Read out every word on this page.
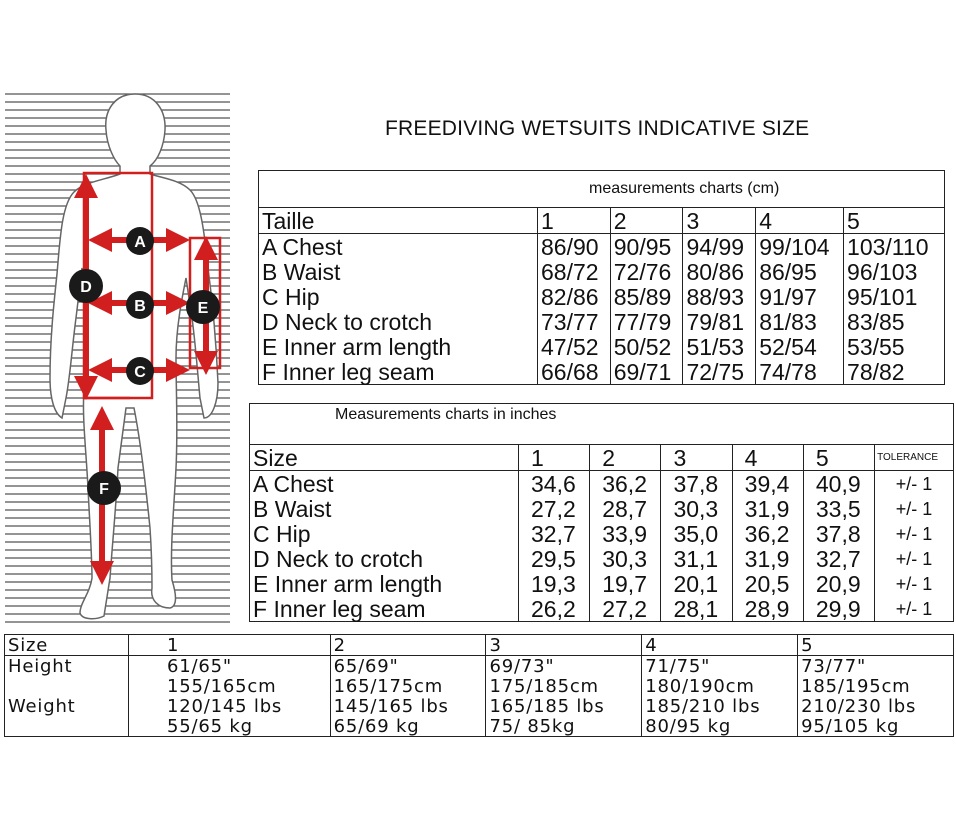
A
B
C
D
E
F
FREEDIVING WETSUITS INDICATIVE SIZE
measurements charts (cm)					
Taille	1	2	3	4	5
A Chest	86/90	90/95	94/99	99/104	103/110
B Waist	68/72	72/76	80/86	86/95	96/103
C Hip	82/86	85/89	88/93	91/97	95/101
D Neck to crotch	73/77	77/79	79/81	81/83	83/85
E Inner arm length	47/52	50/52	51/53	52/54	53/55
F Inner leg seam	66/68	69/71	72/75	74/78	78/82
Measurements charts in inches						
Size	1	2	3	4	5	TOLERANCE
A Chest	34,6	36,2	37,8	39,4	40,9	+/- 1
B Waist	27,2	28,7	30,3	31,9	33,5	+/- 1
C Hip	32,7	33,9	35,0	36,2	37,8	+/- 1
D Neck to crotch	29,5	30,3	31,1	31,9	32,7	+/- 1
E Inner arm length	19,3	19,7	20,1	20,5	20,9	+/- 1
F Inner leg seam	26,2	27,2	28,1	28,9	29,9	+/- 1
Size	1	2	3	4	5
Height	61/65"	65/69"	69/73"	71/75"	73/77"
	155/165cm	165/175cm	175/185cm	180/190cm	185/195cm
Weight	120/145 lbs	145/165 lbs	165/185 lbs	185/210 lbs	210/230 lbs
	55/65 kg	65/69 kg	75/ 85kg	80/95 kg	95/105 kg
